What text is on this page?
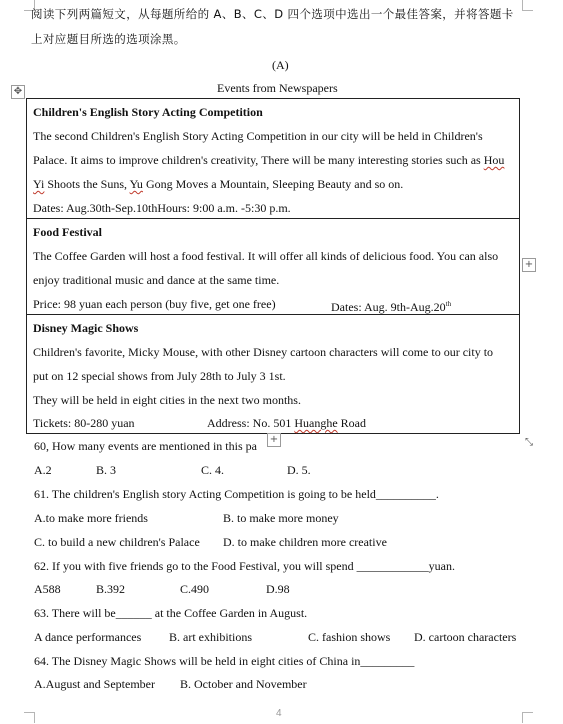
阅读下列两篇短文，从每题所给的 A、B、C、D 四个选项中选出一个最佳答案，并将答题卡
上对应题目所选的选项涂黑。
(A)
✥	Events from Newspapers
Children's English Story Acting Competition
The second Children's English Story Acting Competition in our city will be held in Children's
Palace. It aims to improve children's creativity, There will be many interesting stories such as Hou
Yi Shoots the Suns, Yu Gong Moves a Mountain, Sleeping Beauty and so on.
Dates: Aug.30th-Sep.10thHours: 9:00 a.m. -5:30 p.m.
Food Festival
The Coffee Garden will host a food festival. It will offer all kinds of delicious food. You can also
enjoy traditional music and dance at the same time.
Price: 98 yuan each person (buy five, get one free)	Dates: Aug. 9th-Aug.20th
+
Disney Magic Shows
Children's favorite, Micky Mouse, with other Disney cartoon characters will come to our city to
put on 12 special shows from July 28th to July 3 1st.
They will be held in eight cities in the next two months.
Tickets: 80-280 yuan	Address: No. 501 Huanghe Road
+	⤡
60, How many events are mentioned in this pa
A.2	B. 3	C. 4.	D. 5.
61. The children's English story Acting Competition is going to be held__________.
A.to make more friends	B. to make more money
C. to build a new children's Palace D. to make children more creative
62. If you with five friends go to the Food Festival, you will spend ____________yuan.
A588	B.392	C.490	D.98
63. There will be______ at the Coffee Garden in August.
A dance performances B. art exhibitions	C. fashion shows D. cartoon characters
64. The Disney Magic Shows will be held in eight cities of China in_________
A.August and September B. October and November
4
